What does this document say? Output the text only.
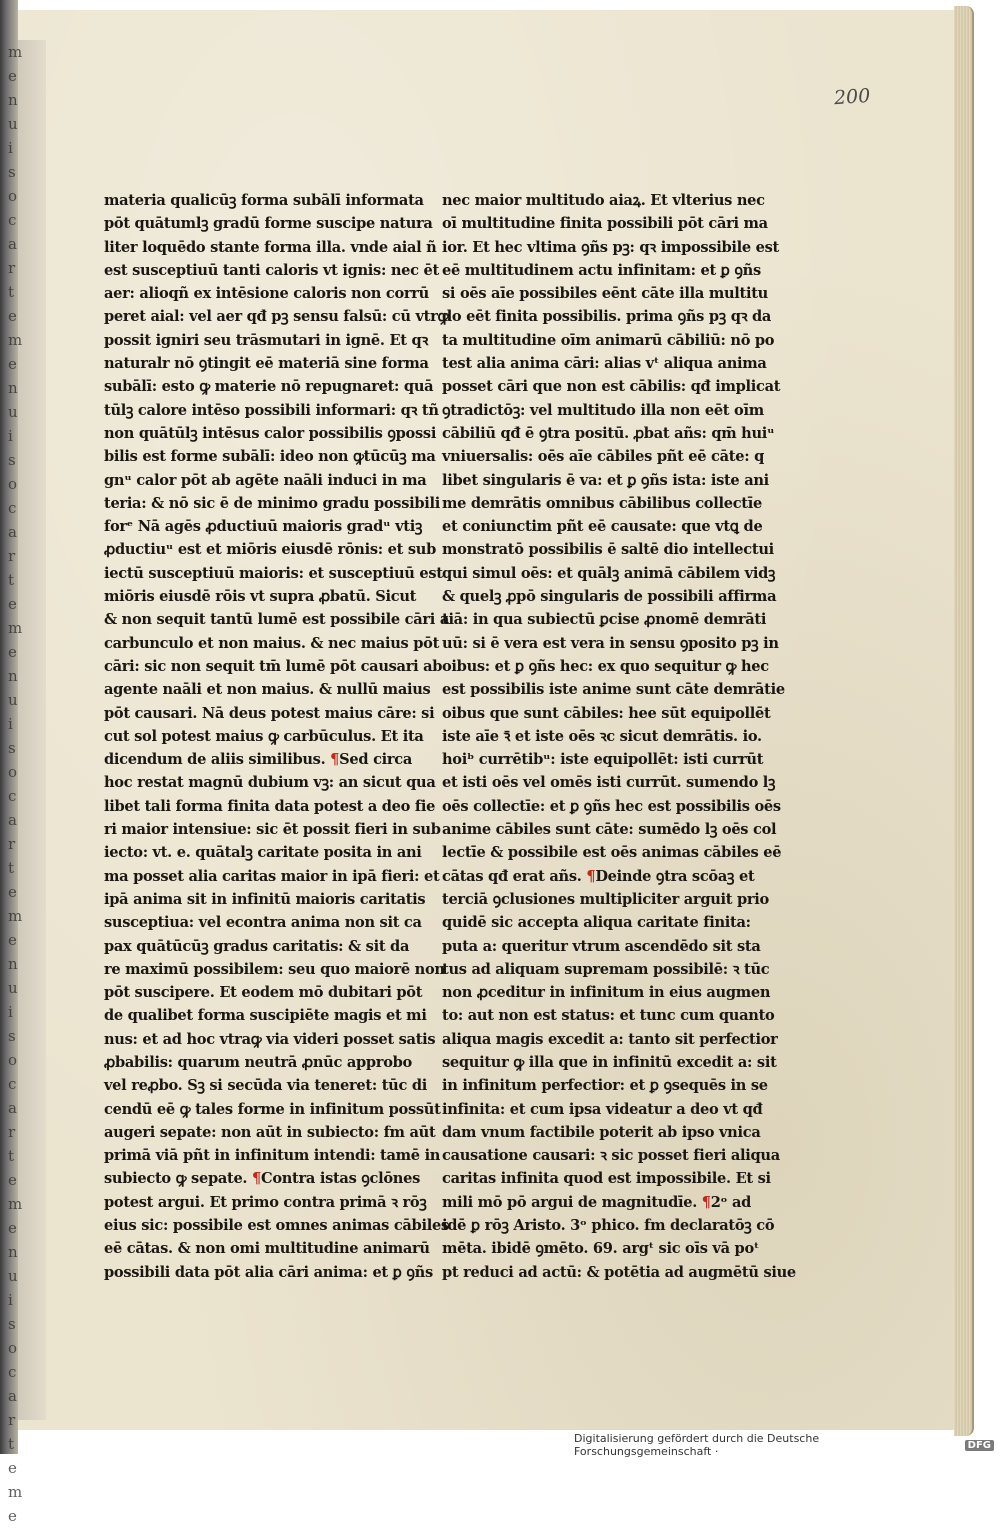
m
e
n
u
i
s
o
c
a
r
t
e
m
e
n
u
i
s
o
c
a
r
t
e
m
e
n
u
i
s
o
c
a
r
t
e
m
e
n
u
i
s
o
c
a
r
t
e
m
e
n
u
i
s
o
c
a
r
t
e
m
e
200
materia qualicūꝫ forma subālī informata
pōt quātumlꝫ gradū forme suscipe natura
liter loquēdo stante forma illa. vnde aial ñ
est susceptiuū tanti caloris vt ignis: nec ēt
aer: alioqñ ex intēsione caloris non corrū
peret aial: vel aer qđ pꝫ sensu falsū: cū vtrꝙ
possit igniri seu trāsmutari in ignē. Et qꝛ
naturalr nō ꝯtingit eē materiā sine forma
subālī: esto ꝙ materie nō repugnaret: quā
tūlꝫ calore intēso possibili informari: qꝛ tñ
non quātūlꝫ intēsus calor possibilis ꝯpossi
bilis est forme subālī: ideo non ꝙtūcūꝫ ma
gnᵘ calor pōt ab agēte naāli induci in ma
teria: & nō sic ē de minimo gradu possibili
forᵉ Nā agēs ꝓductiuū maioris gradᵘ vtiꝫ
ꝓductiuᵘ est et miōris eiusdē rōnis: et sub
iectū susceptiuū maioris: et susceptiuū est
miōris eiusdē rōis vt supra ꝓbatū. Sicut
& non sequit tantū lumē est possibile cāri a
carbunculo et non maius. & nec maius pōt
cāri: sic non sequit tm̄ lumē pōt causari ab
agente naāli et non maius. & nullū maius
pōt causari. Nā deus potest maius cāre: si
cut sol potest maius ꝙ carbūculus. Et ita
dicendum de aliis similibus. ¶Sed circa
hoc restat magnū dubium vꝫ: an sicut qua
libet tali forma finita data potest a deo fie
ri maior intensiue: sic ēt possit fieri in sub
iecto: vt. e. quātalꝫ caritate posita in ani
ma posset alia caritas maior in ipā fieri: et
ipā anima sit in infinitū maioris caritatis
susceptiua: vel econtra anima non sit ca
pax quātūcūꝫ gradus caritatis: & sit da
re maximū possibilem: seu quo maiorē non
pōt suscipere. Et eodem mō dubitari pōt
de qualibet forma suscipiēte magis et mi
nus: et ad hoc vtraꝙ via videri posset satis
ꝓbabilis: quarum neutrā ꝓnūc approbo
vel reꝓbo. Sꝫ si secūda via teneret: tūc di
cendū eē ꝙ tales forme in infinitum possūt
augeri sepate: non aūt in subiecto: fm aūt
primā viā pñt in infinitum intendi: tamē in
subiecto ꝙ sepate. ¶Contra istas ꝯclōnes
potest argui. Et primo contra primā ꝛ rōꝫ
eius sic: possibile est omnes animas cābiles
eē cātas. & non omi multitudine animarū
possibili data pōt alia cāri anima: et ꝑ ꝯñs
nec maior multitudo aiaꝝ. Et vlterius nec
oī multitudine finita possibili pōt cāri ma
ior. Et hec vltima ꝯñs pꝫ: qꝛ impossibile est
eē multitudinem actu infinitam: et ꝑ ꝯñs
si oēs aīe possibiles eēnt cāte illa multitu
do eēt finita possibilis. prima ꝯñs pꝫ qꝛ da
ta multitudine oīm animarū cābiliū: nō po
test alia anima cāri: alias vᵗ aliqua anima
posset cāri que non est cābilis: qđ implicat
ꝯtradictōꝫ: vel multitudo illa non eēt oīm
cābiliū qđ ē ꝯtra positū. ꝓbat añs: qm̄ huiᵘ
vniuersalis: oēs aīe cābiles pñt eē cāte: q
libet singularis ē va: et ꝑ ꝯñs ista: iste ani
me demrātis omnibus cābilibus collectīe
et coniunctim pñt eē causate: que vtꝗ de
monstratō possibilis ē saltē dio intellectui
qui simul oēs: et quālꝫ animā cābilem vidꝫ
& quelꝫ ꝓpō singularis de possibili affirma
tiā: in qua subiectū ꝑcise ꝓnomē demrāti
uū: si ē vera est vera in sensu ꝯposito pꝫ in
oibus: et ꝑ ꝯñs hec: ex quo sequitur ꝙ hec
est possibilis iste anime sunt cāte demrātie
oibus que sunt cābiles: hee sūt equipollēt
iste aīe ꝛ̄ et iste oēs ꝛc sicut demrātis. io.
hoiᵇ currētibᵘ: iste equipollēt: isti currūt
et isti oēs vel omēs isti currūt. sumendo lꝫ
oēs collectīe: et ꝑ ꝯñs hec est possibilis oēs
anime cābiles sunt cāte: sumēdo lꝫ oēs col
lectīe & possibile est oēs animas cābiles eē
cātas qđ erat añs. ¶Deinde ꝯtra scōaꝫ et
terciā ꝯclusiones multipliciter arguit prio
quidē sic accepta aliqua caritate finita:
puta a: queritur vtrum ascendēdo sit sta
tus ad aliquam supremam possibilē: ꝛ tūc
non ꝓceditur in infinitum in eius augmen
to: aut non est status: et tunc cum quanto
aliqua magis excedit a: tanto sit perfectior
sequitur ꝙ illa que in infinitū excedit a: sit
in infinitum perfectior: et ꝑ ꝯsequēs in se
infinita: et cum ipsa videatur a deo vt qđ
dam vnum factibile poterit ab ipso vnica
causatione causari: ꝛ sic posset fieri aliqua
caritas infinita quod est impossibile. Et si
mili mō pō argui de magnitudīe. ¶2ᵒ ad
idē ꝑ rōꝫ Aristo. 3ᵒ phico. fm declaratōꝫ cō
mēta. ibidē ꝯmēto. 69. argᵗ sic oīs vā poᵗ
pt reduci ad actū: & potētia ad augmētū siue
Digitalisierung gefördert durch die Deutsche Forschungsgemeinschaft ·	DFG
